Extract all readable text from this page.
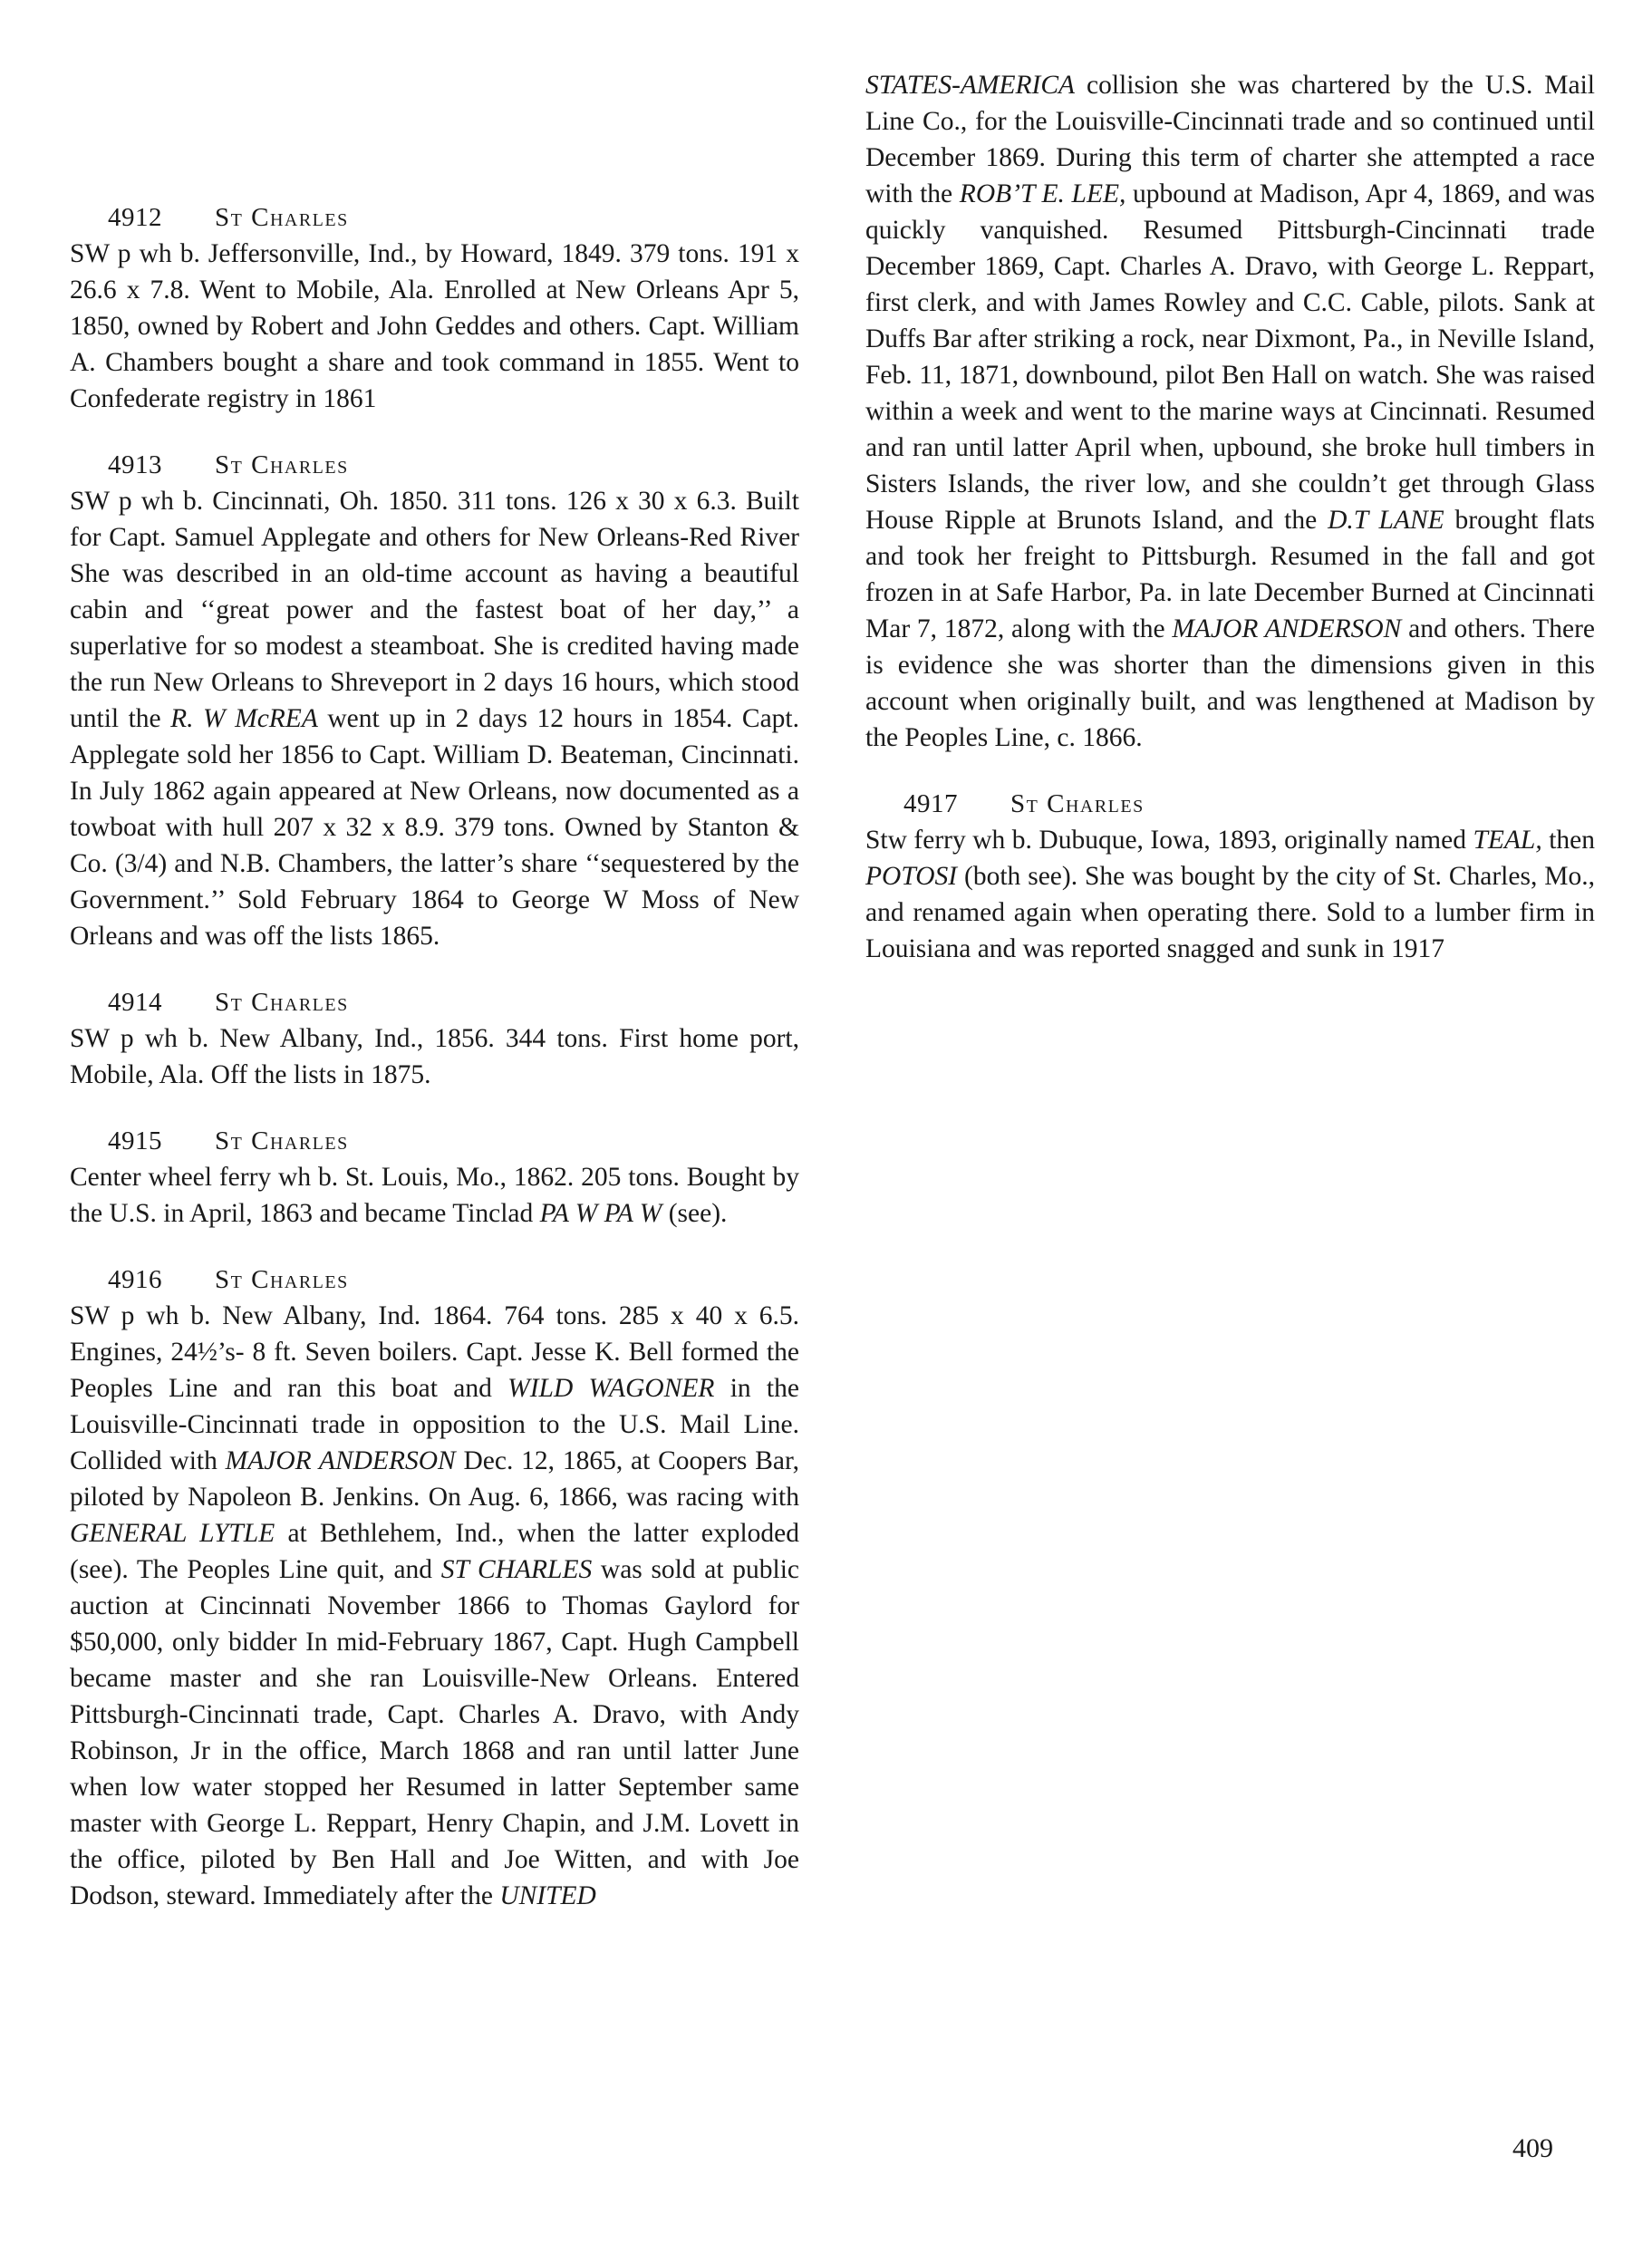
4912 St Charles

SW p wh b. Jeffersonville, Ind., by Howard, 1849. 379 tons. 191 x 26.6 x 7.8. Went to Mobile, Ala. Enrolled at New Orleans Apr 5, 1850, owned by Robert and John Geddes and others. Capt. William A. Chambers bought a share and took command in 1855. Went to Confederate registry in 1861

4913 St Charles

SW p wh b. Cincinnati, Oh. 1850. 311 tons. 126 x 30 x 6.3. Built for Capt. Samuel Applegate and others for New Orleans-Red River She was described in an old-time account as having a beautiful cabin and ‘‘great power and the fastest boat of her day,’’ a superlative for so modest a steamboat. She is credited having made the run New Orleans to Shreveport in 2 days 16 hours, which stood until the R. W McREA went up in 2 days 12 hours in 1854. Capt. Applegate sold her 1856 to Capt. William D. Beateman, Cincinnati. In July 1862 again appeared at New Orleans, now documented as a towboat with hull 207 x 32 x 8.9. 379 tons. Owned by Stanton & Co. (3/4) and N.B. Chambers, the latter’s share ‘‘sequestered by the Government.’’ Sold February 1864 to George W Moss of New Orleans and was off the lists 1865.

4914 St Charles

SW p wh b. New Albany, Ind., 1856. 344 tons. First home port, Mobile, Ala. Off the lists in 1875.

4915 St Charles

Center wheel ferry wh b. St. Louis, Mo., 1862. 205 tons. Bought by the U.S. in April, 1863 and became Tinclad PA W PA W (see).

4916 St Charles

SW p wh b. New Albany, Ind. 1864. 764 tons. 285 x 40 x 6.5. Engines, 24½’s- 8 ft. Seven boilers. Capt. Jesse K. Bell formed the Peoples Line and ran this boat and WILD WAGONER in the Louisville-Cincinnati trade in opposition to the U.S. Mail Line. Collided with MAJOR ANDERSON Dec. 12, 1865, at Coopers Bar, piloted by Napoleon B. Jenkins. On Aug. 6, 1866, was racing with GENERAL LYTLE at Bethlehem, Ind., when the latter exploded (see). The Peoples Line quit, and ST CHARLES was sold at public auction at Cincinnati November 1866 to Thomas Gaylord for $50,000, only bidder In mid-February 1867, Capt. Hugh Campbell became master and she ran Louisville-New Orleans. Entered Pittsburgh-Cincinnati trade, Capt. Charles A. Dravo, with Andy Robinson, Jr in the office, March 1868 and ran until latter June when low water stopped her Resumed in latter September same master with George L. Reppart, Henry Chapin, and J.M. Lovett in the office, piloted by Ben Hall and Joe Witten, and with Joe Dodson, steward. Immediately after the UNITED

STATES-AMERICA collision she was chartered by the U.S. Mail Line Co., for the Louisville-Cincinnati trade and so continued until December 1869. During this term of charter she attempted a race with the ROB’T E. LEE, upbound at Madison, Apr 4, 1869, and was quickly vanquished. Resumed Pittsburgh-Cincinnati trade December 1869, Capt. Charles A. Dravo, with George L. Reppart, first clerk, and with James Rowley and C.C. Cable, pilots. Sank at Duffs Bar after striking a rock, near Dixmont, Pa., in Neville Island, Feb. 11, 1871, downbound, pilot Ben Hall on watch. She was raised within a week and went to the marine ways at Cincinnati. Resumed and ran until latter April when, upbound, she broke hull timbers in Sisters Islands, the river low, and she couldn’t get through Glass House Ripple at Brunots Island, and the D.T LANE brought flats and took her freight to Pittsburgh. Resumed in the fall and got frozen in at Safe Harbor, Pa. in late December Burned at Cincinnati Mar 7, 1872, along with the MAJOR ANDERSON and others. There is evidence she was shorter than the dimensions given in this account when originally built, and was lengthened at Madison by the Peoples Line, c. 1866.

4917 St Charles

Stw ferry wh b. Dubuque, Iowa, 1893, originally named TEAL, then POTOSI (both see). She was bought by the city of St. Charles, Mo., and renamed again when operating there. Sold to a lumber firm in Louisiana and was reported snagged and sunk in 1917

409
